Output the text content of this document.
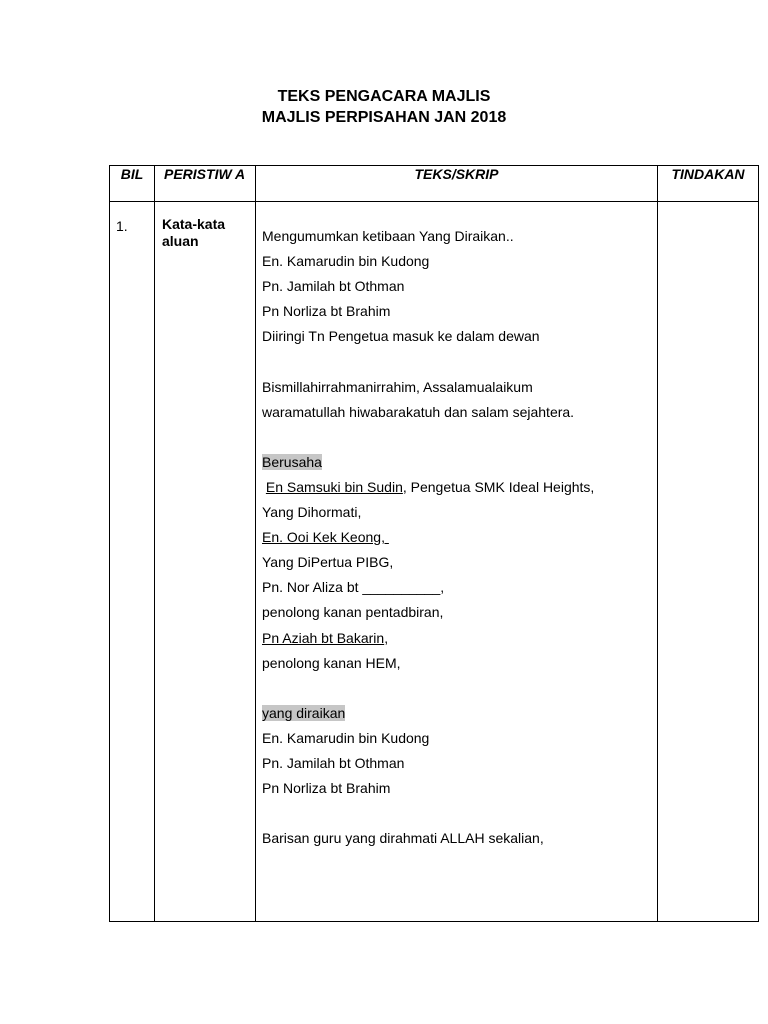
TEKS PENGACARA MAJLIS
MAJLIS PERPISAHAN JAN 2018
BIL	PERISTIW A	TEKS/SKRIP	TINDAKAN
1. Kata-kata aluan	Mengumumkan ketibaan Yang Diraikan..
En. Kamarudin bin Kudong
Pn. Jamilah bt Othman
Pn Norliza bt Brahim
Diiringi Tn Pengetua masuk ke dalam dewan
Bismillahirrahmanirrahim, Assalamualaikum
waramatullah hiwabarakatuh dan salam sejahtera.
Berusaha
En Samsuki bin Sudin, Pengetua SMK Ideal Heights,
Yang Dihormati,
En. Ooi Kek Keong,
Yang DiPertua PIBG,
Pn. Nor Aliza bt __________,
penolong kanan pentadbiran,
Pn Aziah bt Bakarin,
penolong kanan HEM,
yang diraikan
En. Kamarudin bin Kudong
Pn. Jamilah bt Othman
Pn Norliza bt Brahim
Barisan guru yang dirahmati ALLAH sekalian,
